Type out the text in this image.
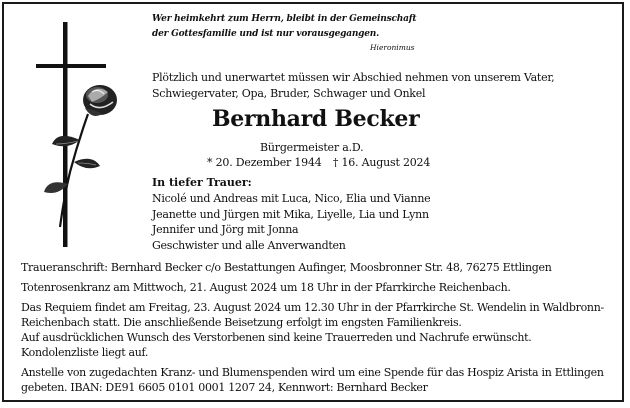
Wer heimkehrt zum Herrn, bleibt in der Gemeinschaft
der Gottesfamilie und ist nur vorausgegangen.
Hieronimus
Plötzlich und unerwartet müssen wir Abschied nehmen von unserem Vater,
Schwiegervater, Opa, Bruder, Schwager und Onkel
Bernhard Becker
Bürgermeister a.D.
* 20. Dezember 1944 † 16. August 2024
In tiefer Trauer:
Nicolé und Andreas mit Luca, Nico, Elia und Vianne
Jeanette und Jürgen mit Mika, Liyelle, Lia und Lynn
Jennifer und Jörg mit Jonna
Geschwister und alle Anverwandten
Traueranschrift: Bernhard Becker c/o Bestattungen Aufinger, Moosbronner Str. 48, 76275 Ettlingen
Totenrosenkranz am Mittwoch, 21. August 2024 um 18 Uhr in der Pfarrkirche Reichenbach.
Das Requiem findet am Freitag, 23. August 2024 um 12.30 Uhr in der Pfarrkirche St. Wendelin in Waldbronn-
Reichenbach statt. Die anschließende Beisetzung erfolgt im engsten Familienkreis.
Auf ausdrücklichen Wunsch des Verstorbenen sind keine Trauerreden und Nachrufe erwünscht.
Kondolenzliste liegt auf.
Anstelle von zugedachten Kranz- und Blumenspenden wird um eine Spende für das Hospiz Arista in Ettlingen
gebeten. IBAN: DE91 6605 0101 0001 1207 24, Kennwort: Bernhard Becker
